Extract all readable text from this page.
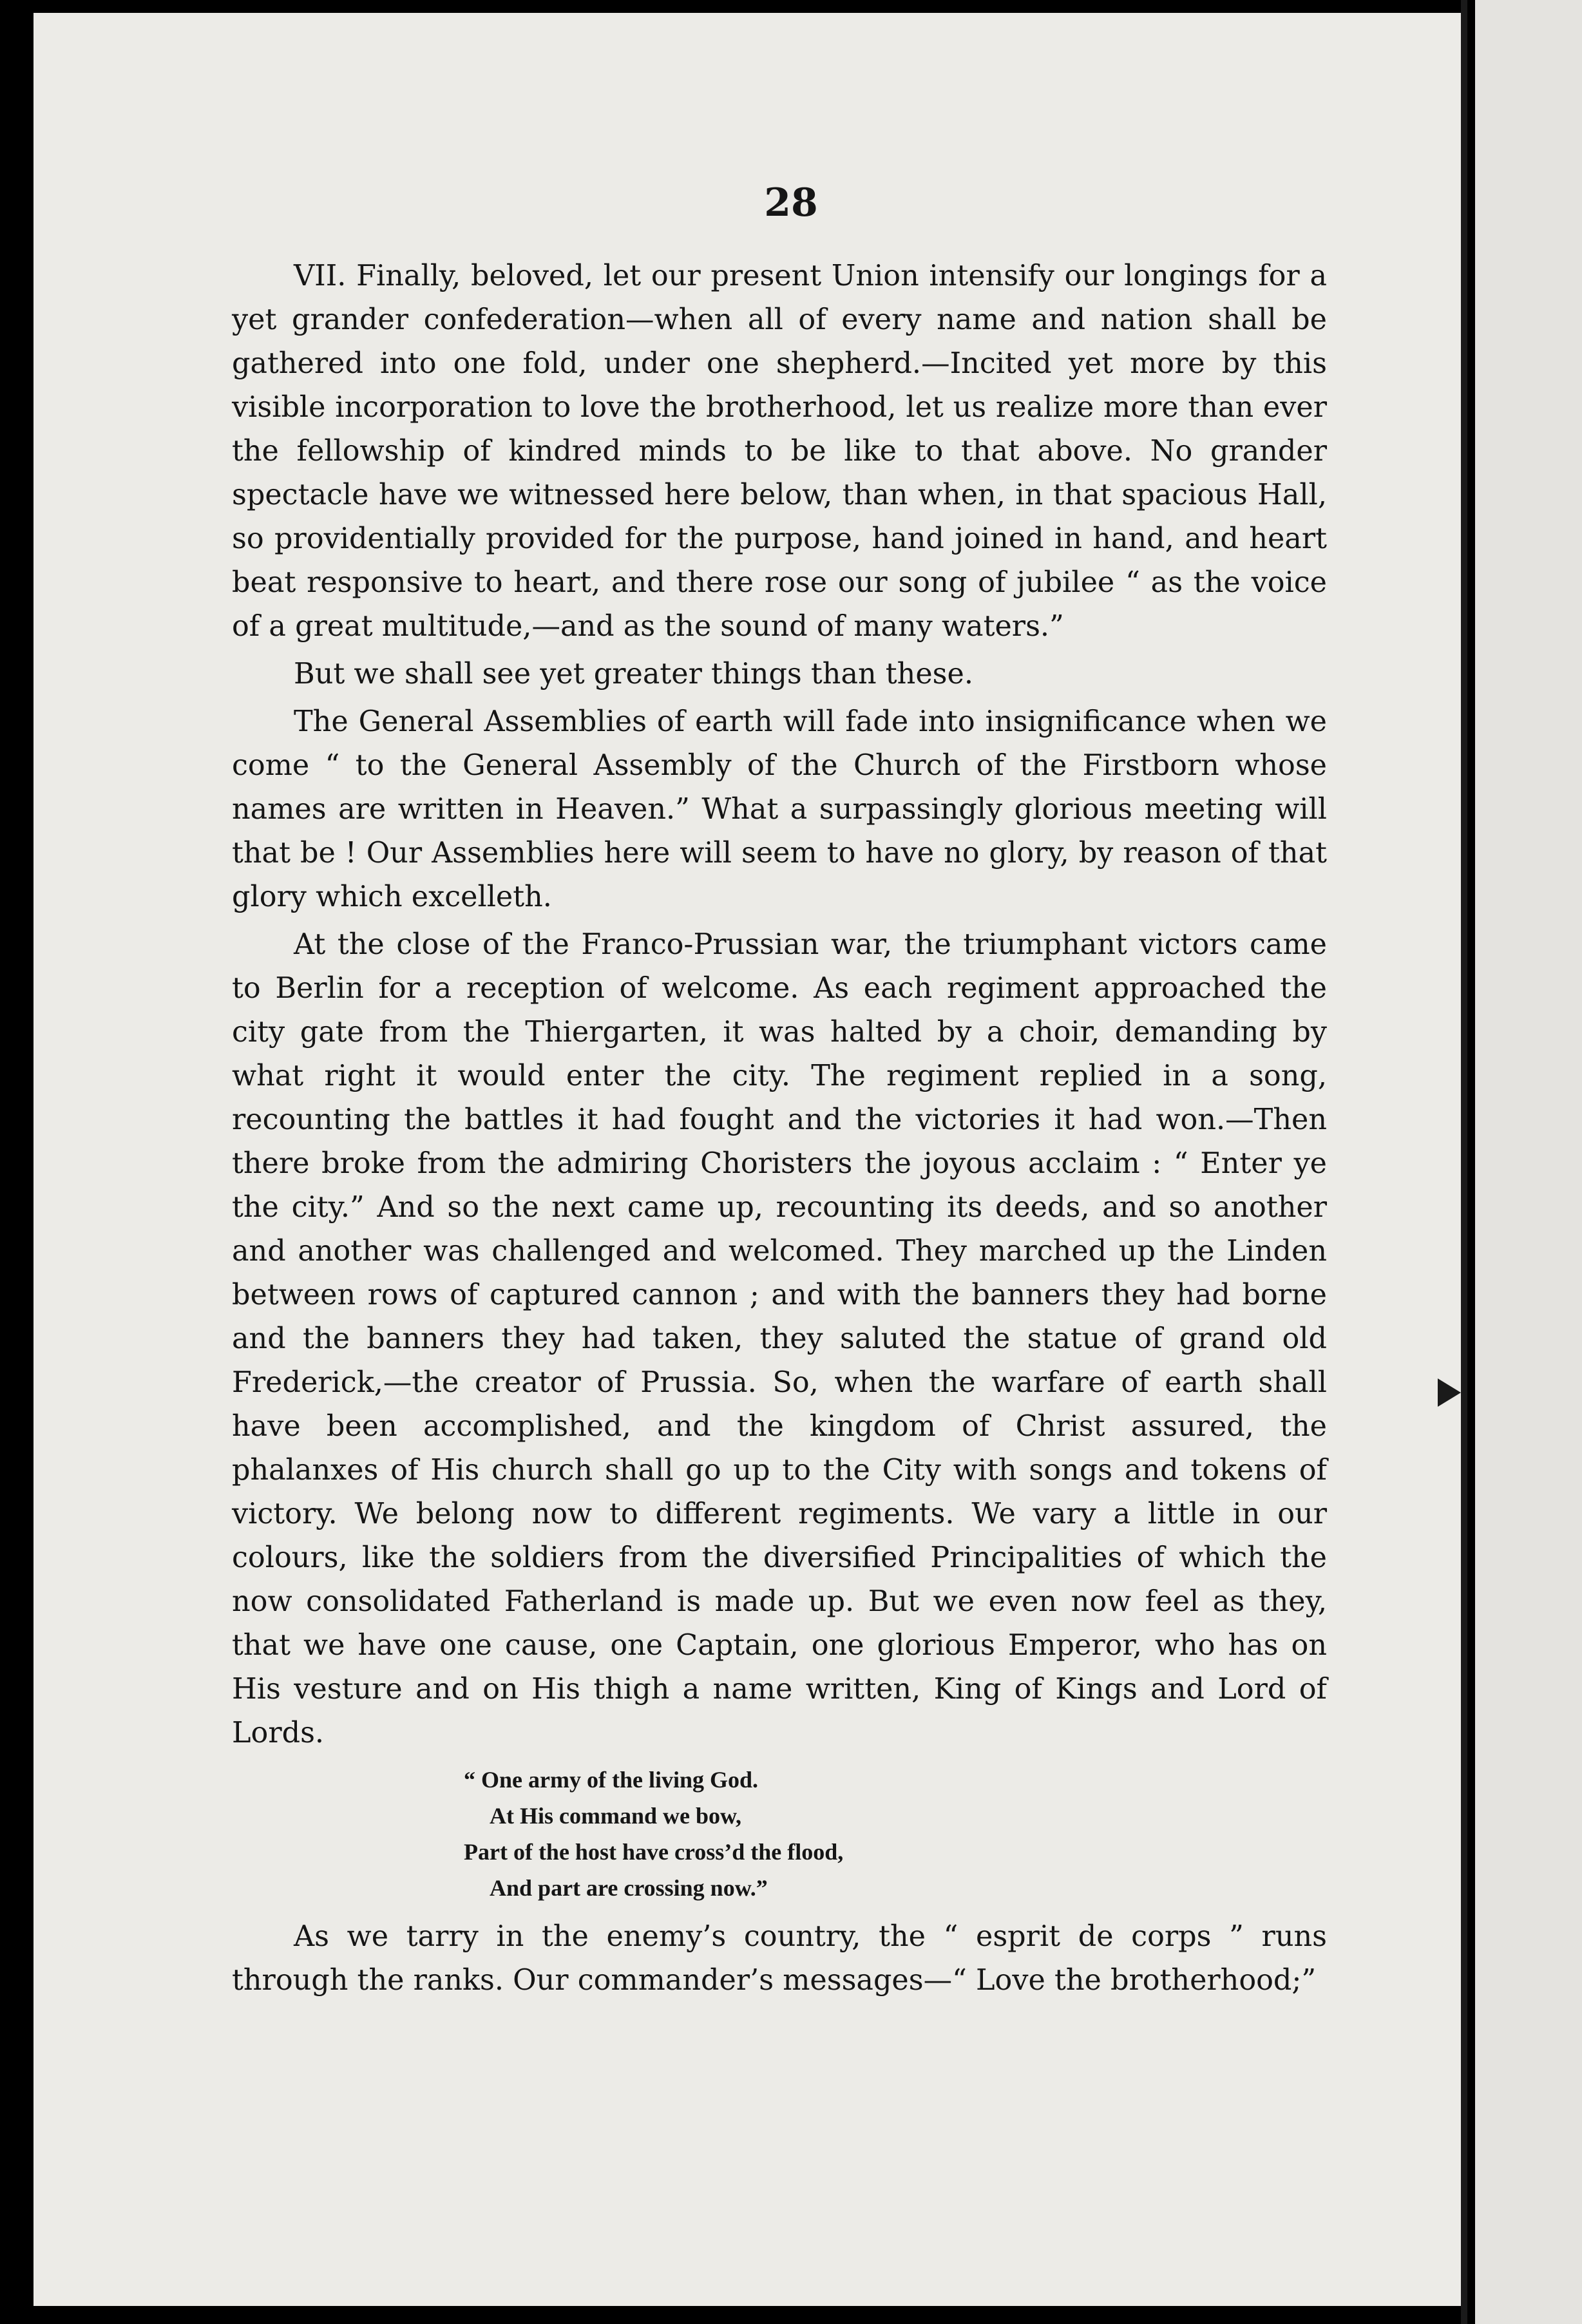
28

VII. Finally, beloved, let our present Union intensify our longings for a yet grander confederation—when all of every name and nation shall be gathered into one fold, under one shepherd.—Incited yet more by this visible incorporation to love the brotherhood, let us realize more than ever the fellowship of kindred minds to be like to that above. No grander spectacle have we witnessed here below, than when, in that spacious Hall, so providentially provided for the purpose, hand joined in hand, and heart beat responsive to heart, and there rose our song of jubilee “ as the voice of a great multitude,—and as the sound of many waters.”

But we shall see yet greater things than these.

The General Assemblies of earth will fade into insignificance when we come “ to the General Assembly of the Church of the Firstborn whose names are written in Heaven.” What a surpassingly glorious meeting will that be ! Our Assemblies here will seem to have no glory, by reason of that glory which excelleth.

At the close of the Franco-Prussian war, the triumphant victors came to Berlin for a reception of welcome. As each regiment approached the city gate from the Thiergarten, it was halted by a choir, demanding by what right it would enter the city. The regiment replied in a song, recounting the battles it had fought and the victories it had won.—Then there broke from the admiring Choristers the joyous acclaim : “ Enter ye the city.” And so the next came up, recounting its deeds, and so another and another was challenged and welcomed. They marched up the Linden between rows of captured cannon ; and with the banners they had borne and the banners they had taken, they saluted the statue of grand old Frederick,—the creator of Prussia. So, when the warfare of earth shall have been accomplished, and the kingdom of Christ assured, the phalanxes of His church shall go up to the City with songs and tokens of victory. We belong now to different regiments. We vary a little in our colours, like the soldiers from the diversified Principalities of which the now consolidated Fatherland is made up. But we even now feel as they, that we have one cause, one Captain, one glorious Emperor, who has on His vesture and on His thigh a name written, King of Kings and Lord of Lords.

“ One army of the living God.
At His command we bow,
Part of the host have cross’d the flood,
And part are crossing now.”

As we tarry in the enemy’s country, the “ esprit de corps ” runs through the ranks. Our commander’s messages—“ Love the brotherhood;”
